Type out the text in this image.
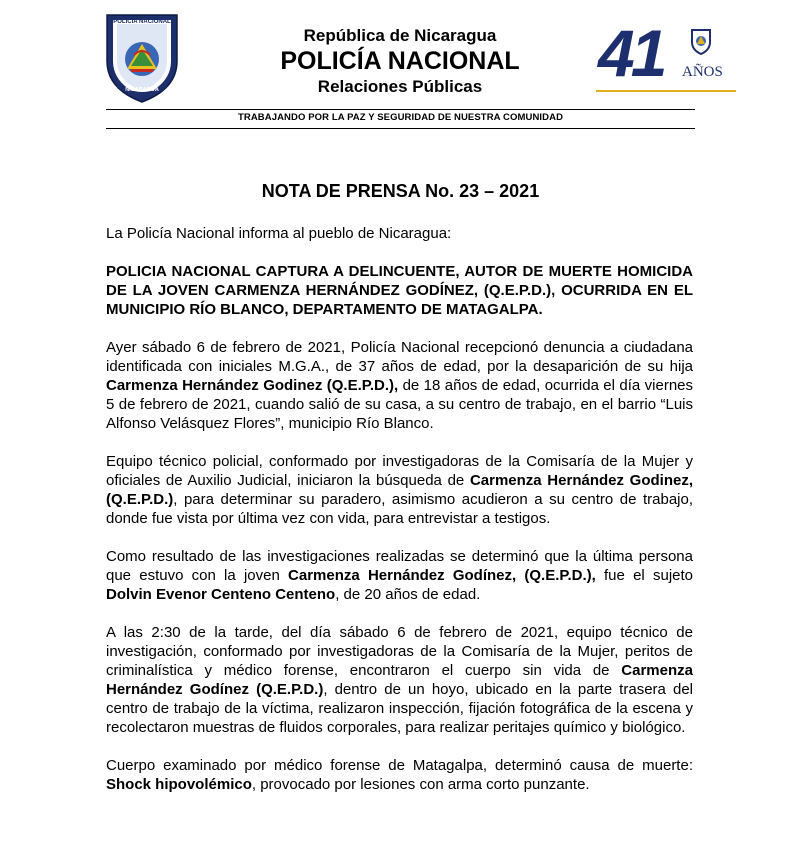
POLICIA NACIONAL
NICARAGUA
República de Nicaragua
POLICÍA NACIONAL
Relaciones Públicas	41 AÑOS
TRABAJANDO POR LA PAZ Y SEGURIDAD DE NUESTRA COMUNIDAD
NOTA DE PRENSA No. 23 – 2021

La Policía Nacional informa al pueblo de Nicaragua:

POLICIA NACIONAL CAPTURA A DELINCUENTE, AUTOR DE MUERTE HOMICIDA DE LA JOVEN CARMENZA HERNÁNDEZ GODÍNEZ, (Q.E.P.D.), OCURRIDA EN EL MUNICIPIO RÍO BLANCO, DEPARTAMENTO DE MATAGALPA.

Ayer sábado 6 de febrero de 2021, Policía Nacional recepcionó denuncia a ciudadana identificada con iniciales M.G.A., de 37 años de edad, por la desaparición de su hija Carmenza Hernández Godinez (Q.E.P.D.), de 18 años de edad, ocurrida el día viernes 5 de febrero de 2021, cuando salió de su casa, a su centro de trabajo, en el barrio “Luis Alfonso Velásquez Flores”, municipio Río Blanco.

Equipo técnico policial, conformado por investigadoras de la Comisaría de la Mujer y oficiales de Auxilio Judicial, iniciaron la búsqueda de Carmenza Hernández Godinez, (Q.E.P.D.), para determinar su paradero, asimismo acudieron a su centro de trabajo, donde fue vista por última vez con vida, para entrevistar a testigos.

Como resultado de las investigaciones realizadas se determinó que la última persona que estuvo con la joven Carmenza Hernández Godínez, (Q.E.P.D.), fue el sujeto Dolvin Evenor Centeno Centeno, de 20 años de edad.

A las 2:30 de la tarde, del día sábado 6 de febrero de 2021, equipo técnico de investigación, conformado por investigadoras de la Comisaría de la Mujer, peritos de criminalística y médico forense, encontraron el cuerpo sin vida de Carmenza Hernández Godínez (Q.E.P.D.), dentro de un hoyo, ubicado en la parte trasera del centro de trabajo de la víctima, realizaron inspección, fijación fotográfica de la escena y recolectaron muestras de fluidos corporales, para realizar peritajes químico y biológico.

Cuerpo examinado por médico forense de Matagalpa, determinó causa de muerte: Shock hipovolémico, provocado por lesiones con arma corto punzante.
